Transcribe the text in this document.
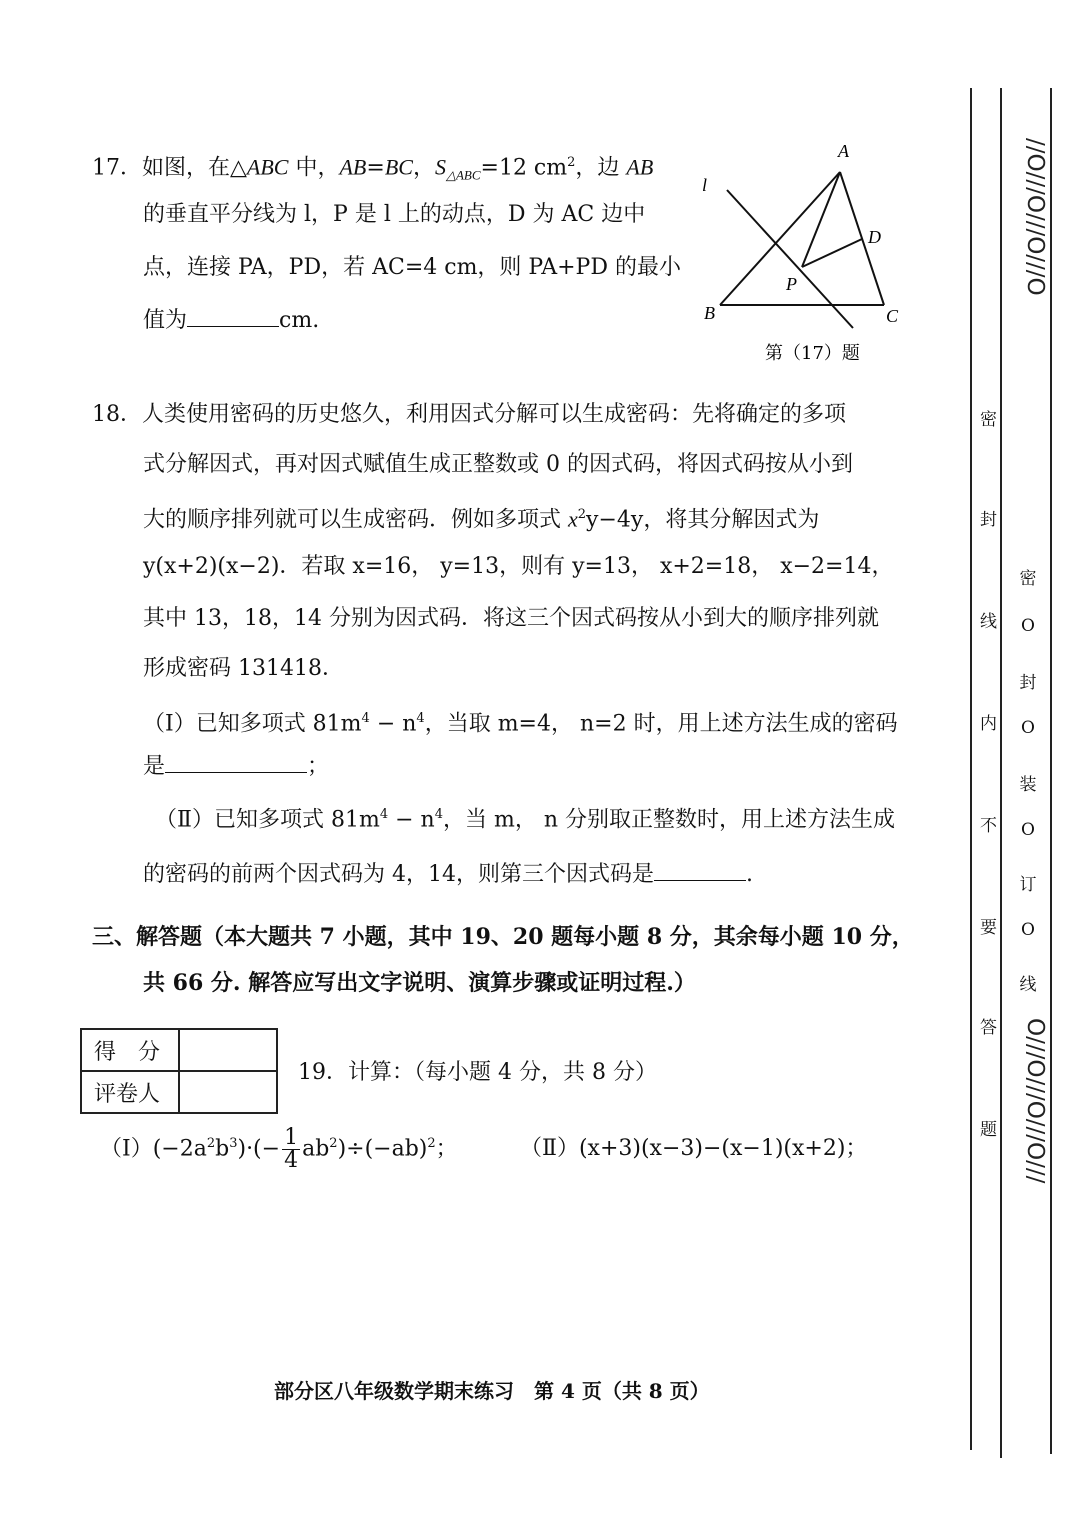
17．如图，在△ABC 中，AB=BC，$S_{\triangle ABC}=12$ $cm^2$，边 AB
的垂直平分线为 l，P 是 l 上的动点，D 为 AC 边中
点，连接 PA，PD，若 AC=4 cm，则 PA+PD 的最小
值为	cm.
A
B	C
D
P
l
第（17）题
18．人类使用密码的历史悠久，利用因式分解可以生成密码：先将确定的多项
式分解因式，再对因式赋值生成正整数或 0 的因式码，将因式码按从小到
大的顺序排列就可以生成密码．例如多项式 $x^2y-4y$，将其分解因式为
y(x+2)(x−2)．若取 x=16， y=13，则有 y=13， x+2=18， x−2=14，
其中 13，18，14 分别为因式码．将这三个因式码按从小到大的顺序排列就
形成密码 131418．
（Ⅰ）已知多项式 $81m^4 - n^4$，当取 m=4， n=2 时，用上述方法生成的密码
是	；
（Ⅱ）已知多项式 $81m^4 - n^4$，当 m， n 分别取正整数时，用上述方法生成
的密码的前两个因式码为 4，14，则第三个因式码是	.
三、解答题（本大题共 7 小题，其中 19、20 题每小题 8 分，其余每小题 10 分，
共 66 分. 解答应写出文字说明、演算步骤或证明过程.）
得　分	
评卷人	
19．计算：（每小题 4 分，共 8 分）
$(Ⅰ)(-2a^2b^3)\cdot(- \frac{1}{4} ab^2)\div(-ab)^2$；	（Ⅱ）(x+3)(x−3)−(x−1)(x+2)；
部分区八年级数学期末练习　第 4 页（共 8 页）
密
封
线
内
不
要
答
题
//O///O///O///O
密
O
封
O
装
O
订
O
线
O///O///O///O///
